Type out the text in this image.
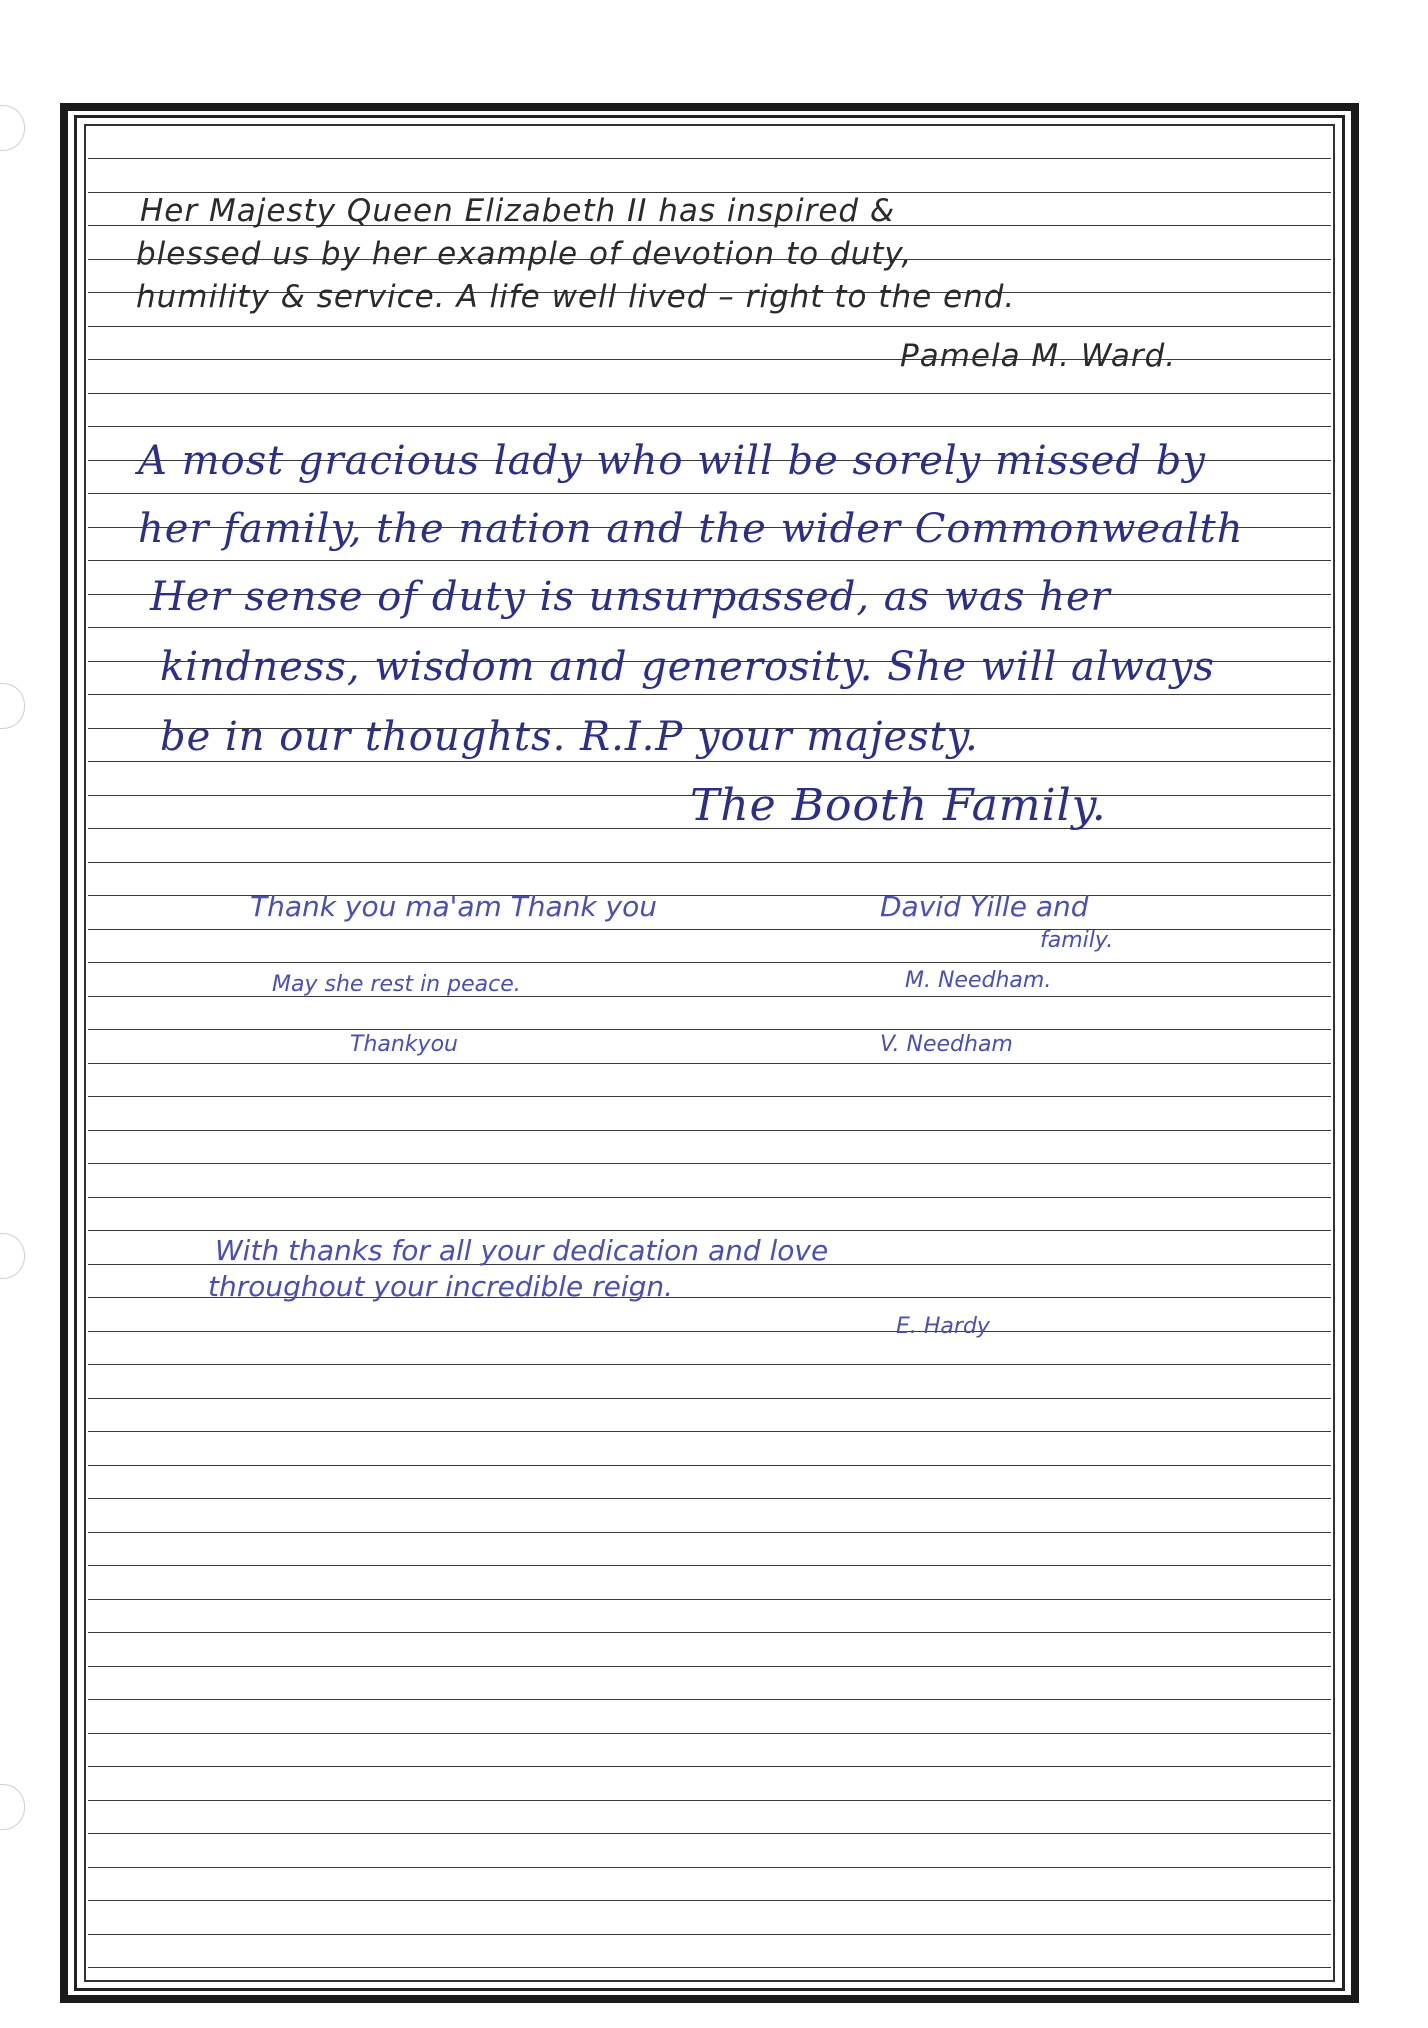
Her Majesty Queen Elizabeth II has inspired &

blessed us by her example of devotion to duty,

humility & service. A life well lived – right to the end.

Pamela M. Ward.

A most gracious lady who will be sorely missed by

her family, the nation and the wider Commonwealth

Her sense of duty is unsurpassed, as was her

kindness, wisdom and generosity. She will always

be in our thoughts. R.I.P your majesty.

The Booth Family.

Thank you ma'am Thank you	David Yille and

family.

May she rest in peace.

Thankyou

M. Needham.

V. Needham

With thanks for all your dedication and love

throughout your incredible reign.

E. Hardy
